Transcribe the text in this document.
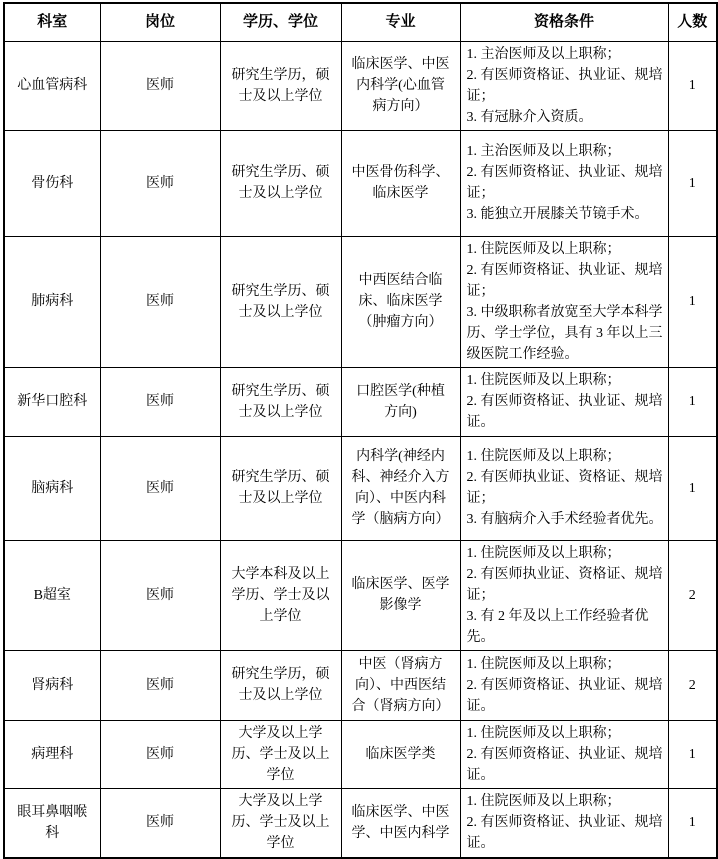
科室	岗位	学历、学位	专业	资格条件	人数
心血管病科	医师	研究生学历，硕士及以上学位	临床医学、中医内科学(心血管病方向）	1. 主治医师及以上职称；
2. 有医师资格证、执业证、规培证；
3. 有冠脉介入资质。	1
骨伤科	医师	研究生学历、硕士及以上学位	中医骨伤科学、临床医学	1. 主治医师及以上职称；
2. 有医师资格证、执业证、规培证；
3. 能独立开展膝关节镜手术。	1
肺病科	医师	研究生学历、硕士及以上学位	中西医结合临床、临床医学（肿瘤方向）	1. 住院医师及以上职称；
2. 有医师资格证、执业证、规培证；
3. 中级职称者放宽至大学本科学历、学士学位，具有 3 年以上三级医院工作经验。	1
新华口腔科	医师	研究生学历、硕士及以上学位	口腔医学(种植方向)	1. 住院医师及以上职称；
2. 有医师资格证、执业证、规培证。	1
脑病科	医师	研究生学历、硕士及以上学位	内科学(神经内科、神经介入方向）、中医内科学（脑病方向）	1. 住院医师及以上职称；
2. 有医师执业证、资格证、规培证；
3. 有脑病介入手术经验者优先。	1
B超室	医师	大学本科及以上学历、学士及以上学位	临床医学、医学影像学	1. 住院医师及以上职称；
2. 有医师执业证、资格证、规培证；
3. 有 2 年及以上工作经验者优先。	2
肾病科	医师	研究生学历，硕士及以上学位	中医（肾病方向）、中西医结合（肾病方向）	1. 住院医师及以上职称；
2. 有医师资格证、执业证、规培证。	2
病理科	医师	大学及以上学历、学士及以上学位	临床医学类	1. 住院医师及以上职称；
2. 有医师资格证、执业证、规培证。	1
眼耳鼻咽喉科	医师	大学及以上学历、学士及以上学位	临床医学、中医学、中医内科学	1. 住院医师及以上职称；
2. 有医师资格证、执业证、规培证。	1
